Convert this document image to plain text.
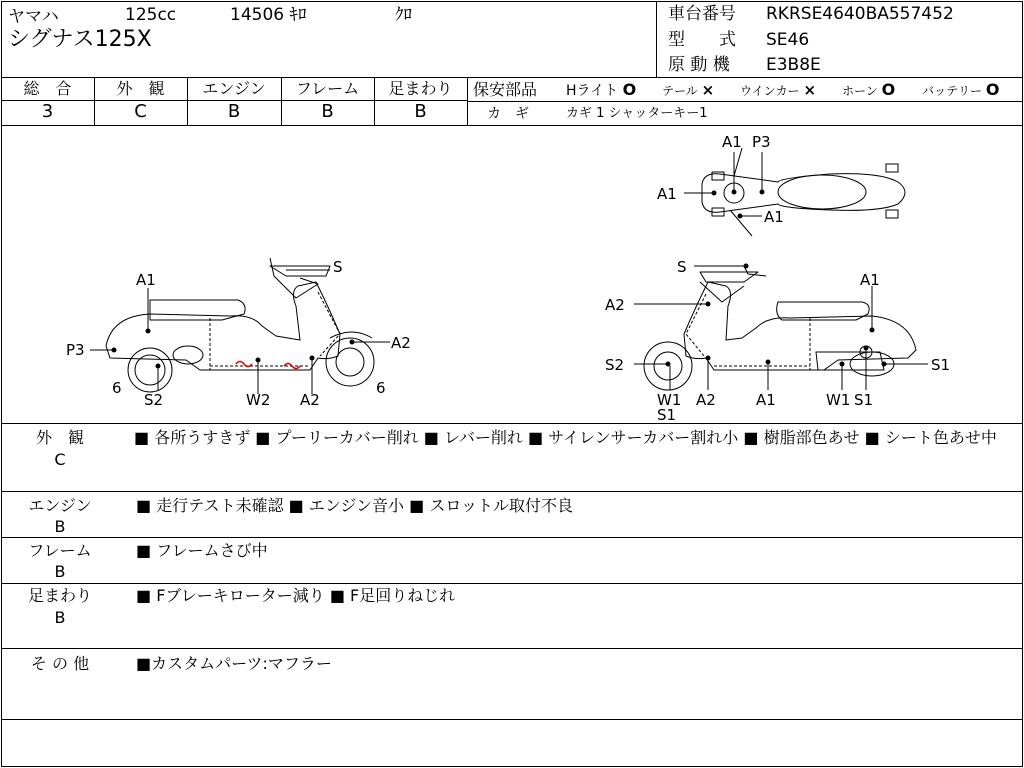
ヤマハ	125cc	14506 ｷﾛ	ｸﾛ
シグナス125X
車台番号 RKRSE4640BA557452
型　　式 SE46
原 動 機 E3B8E
総　合	外　観	エンジン	フレーム	足まわり
3	C	B	B	B
保安部品 Hライト O テール × ウインカー × ホーン O バッテリー O
カ　ギ	カギ 1 シャッターキー1
A1
S
P3	A2
6
S2	W2 A2
6
S
A1
A2
S2	S1
W1
S1
A2	A1	W1 S1
A1 P3
A1
A1
外　観
C
■ 各所うすきず ■ プーリーカバー削れ ■ レバー削れ ■ サイレンサーカバー割れ小 ■ 樹脂部色あせ ■ シート色あせ中
エンジン
B
■ 走行テスト未確認 ■ エンジン音小 ■ スロットル取付不良
フレーム
B
■ フレームさび中
足まわり
B
■ Fブレーキローター減り ■ F足回りねじれ
そ の 他	■カスタムパーツ:マフラー
